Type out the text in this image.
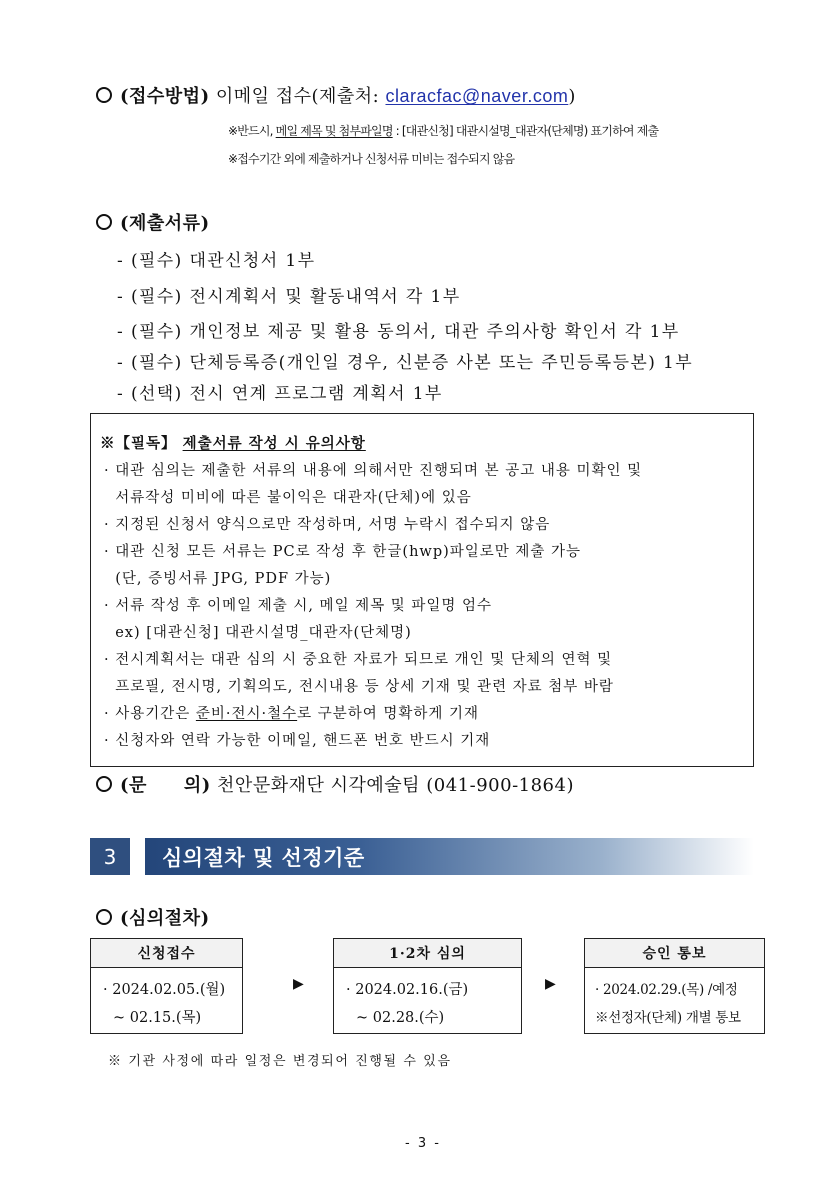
(접수방법) 이메일 접수(제출처: claracfac@naver.com)
※반드시, 메일 제목 및 첨부파일명 : [대관신청] 대관시설명_대관자(단체명) 표기하여 제출
※접수기간 외에 제출하거나 신청서류 미비는 접수되지 않음
(제출서류)
- (필수) 대관신청서 1부
- (필수) 전시계획서 및 활동내역서 각 1부
- (필수) 개인정보 제공 및 활용 동의서, 대관 주의사항 확인서 각 1부
- (필수) 단체등록증(개인일 경우, 신분증 사본 또는 주민등록등본) 1부
- (선택) 전시 연계 프로그램 계획서 1부
※【필독】 제출서류 작성 시 유의사항
· 대관 심의는 제출한 서류의 내용에 의해서만 진행되며 본 공고 내용 미확인 및
서류작성 미비에 따른 불이익은 대관자(단체)에 있음
· 지정된 신청서 양식으로만 작성하며, 서명 누락시 접수되지 않음
· 대관 신청 모든 서류는 PC로 작성 후 한글(hwp)파일로만 제출 가능
(단, 증빙서류 JPG, PDF 가능)
· 서류 작성 후 이메일 제출 시, 메일 제목 및 파일명 엄수
ex) [대관신청] 대관시설명_대관자(단체명)
· 전시계획서는 대관 심의 시 중요한 자료가 되므로 개인 및 단체의 연혁 및
프로필, 전시명, 기획의도, 전시내용 등 상세 기재 및 관련 자료 첨부 바람
· 사용기간은 준비·전시·철수로 구분하여 명확하게 기재
· 신청자와 연락 가능한 이메일, 핸드폰 번호 반드시 기재
(문　　의) 천안문화재단 시각예술팀 (041-900-1864)
3	심의절차 및 선정기준
(심의절차)
신청접수
· 2024.02.05.(월)
~ 02.15.(목)
▶
1·2차 심의
· 2024.02.16.(금)
~ 02.28.(수)
▶
승인 통보
· 2024.02.29.(목) /예정
※선정자(단체) 개별 통보
※ 기관 사정에 따라 일정은 변경되어 진행될 수 있음
- 3 -
